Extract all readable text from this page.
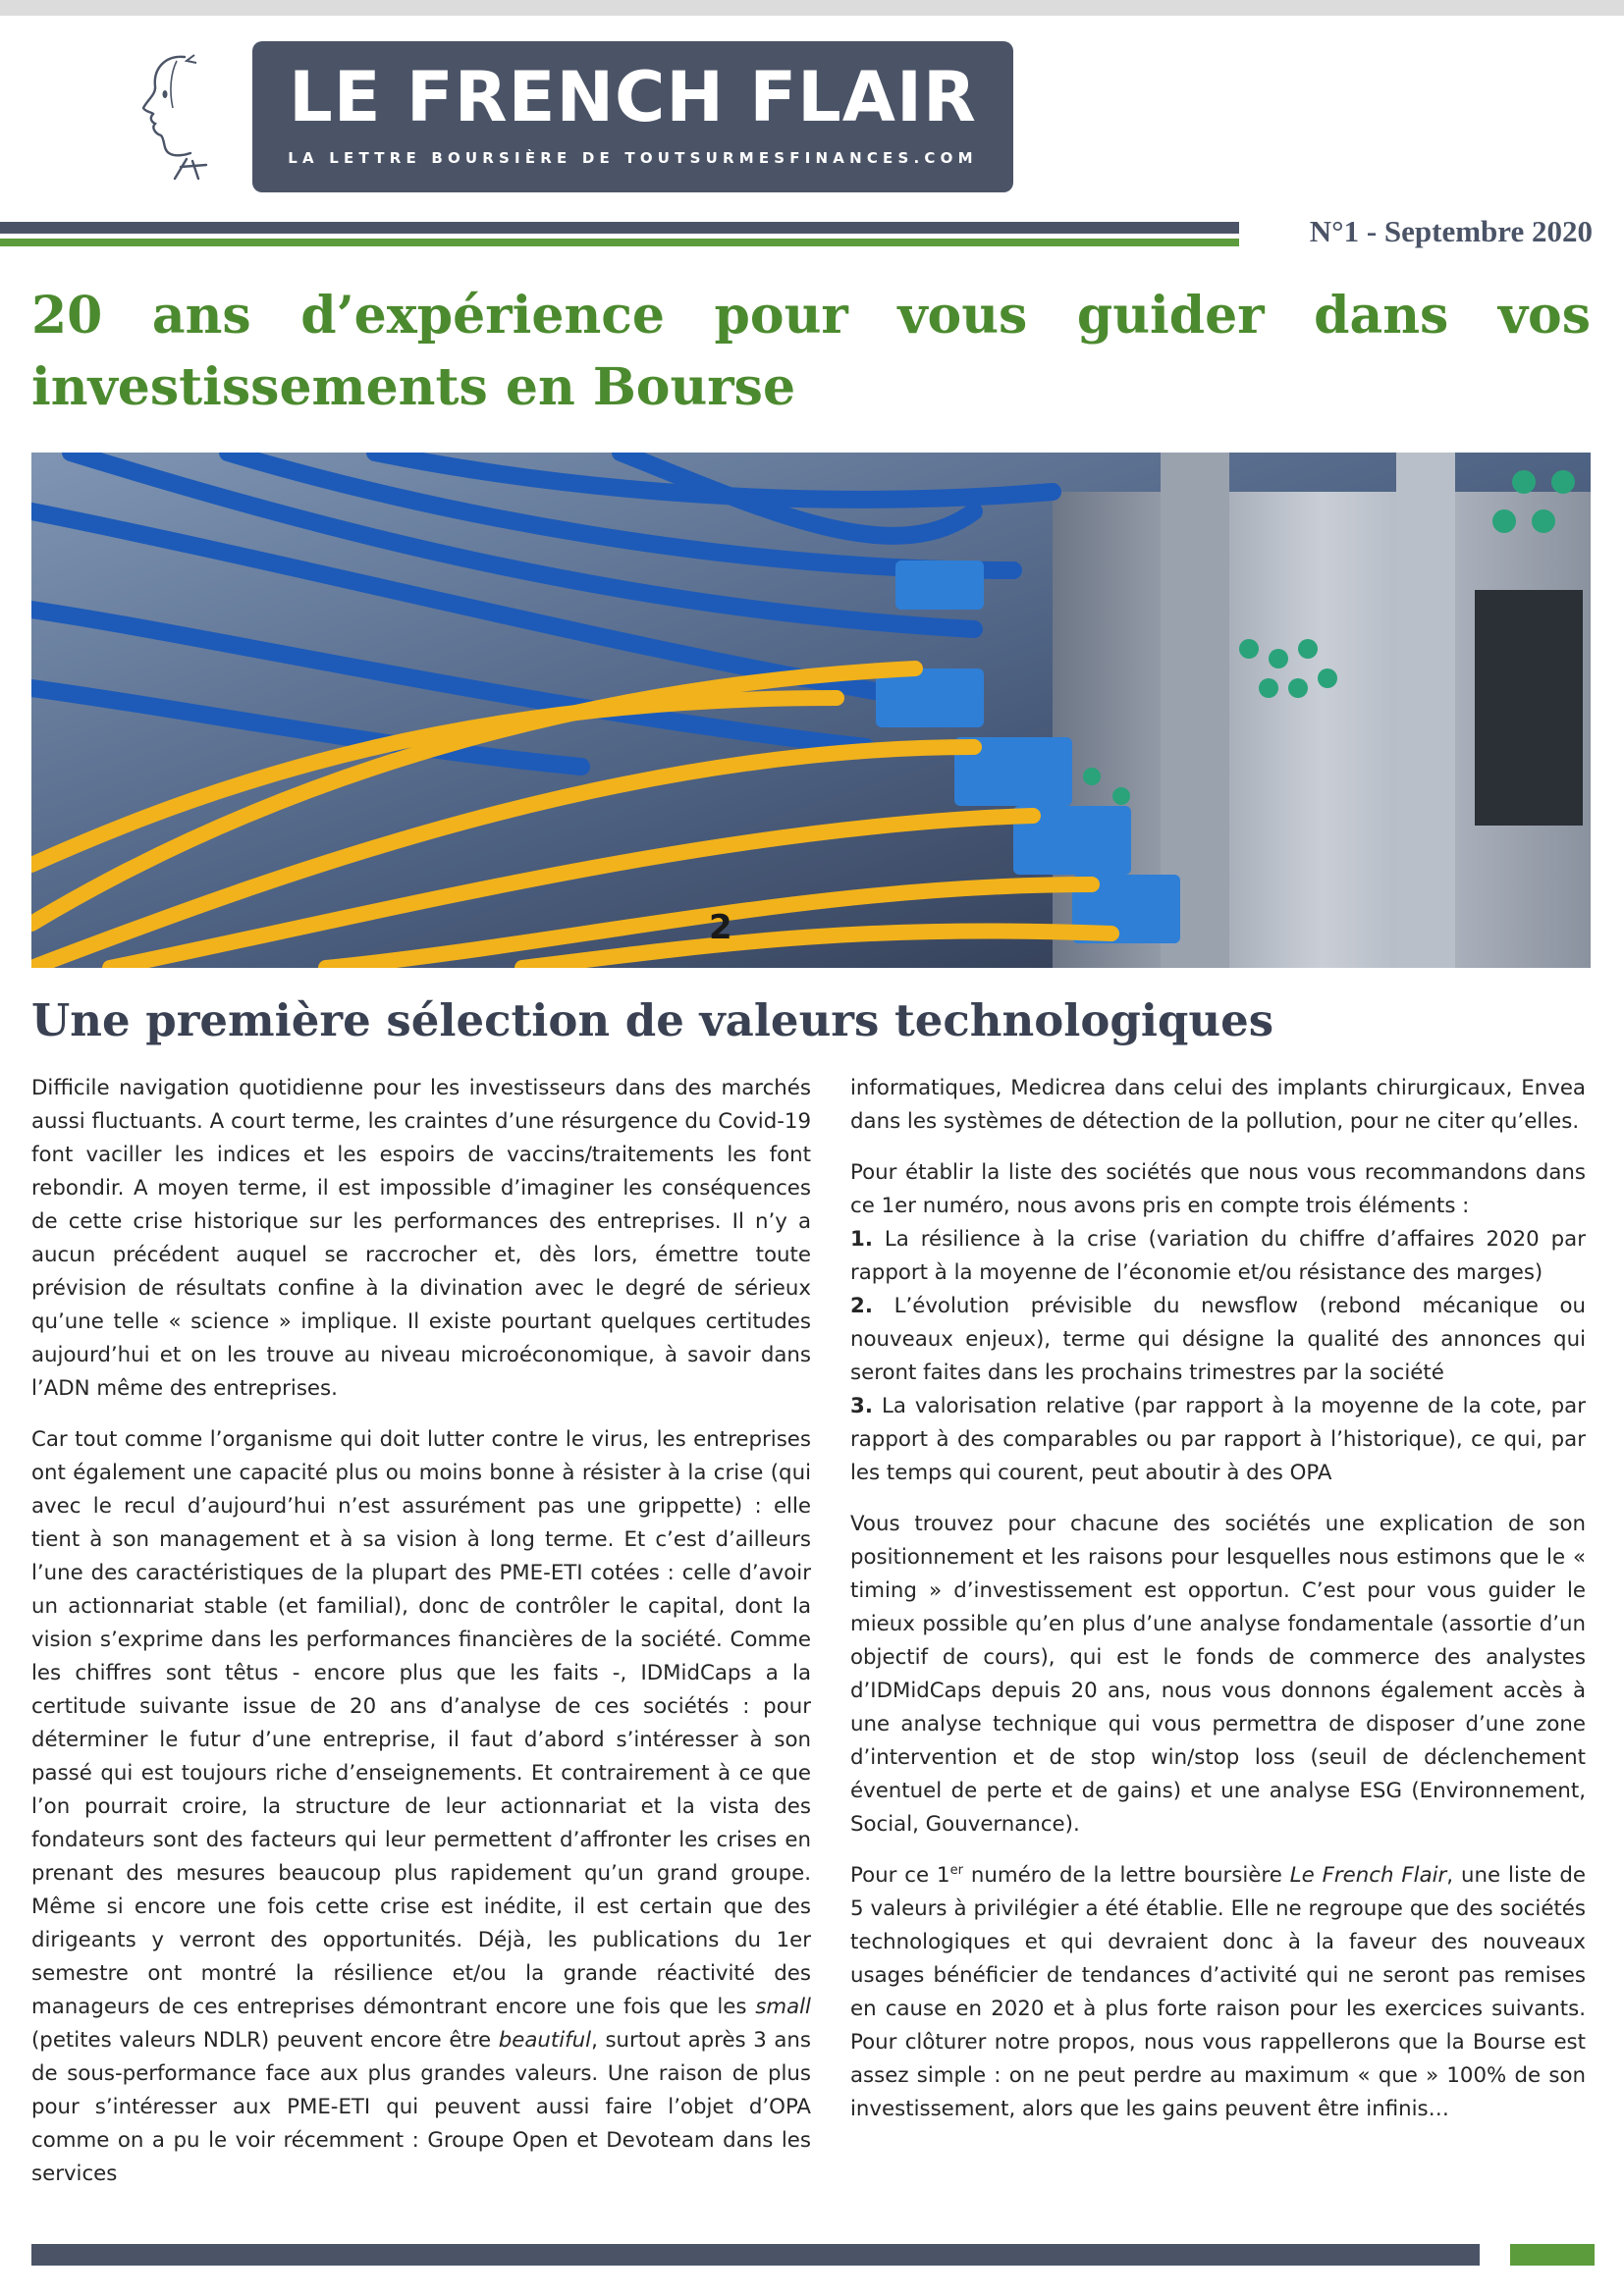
LE FRENCH FLAIR
LA LETTRE BOURSIÈRE DE TOUTSURMESFINANCES.COM
N°1 - Septembre 2020
20 ans d’expérience pour vous guider dans vos investissements en Bourse
2
Une première sélection de valeurs technologiques

Difficile navigation quotidienne pour les investisseurs dans des marchés aussi fluctuants. A court terme, les craintes d’une résurgence du Covid-19 font vaciller les indices et les espoirs de vaccins/traitements les font rebondir. A moyen terme, il est impossible d’imaginer les conséquences de cette crise historique sur les performances des entreprises. Il n’y a aucun précédent auquel se raccrocher et, dès lors, émettre toute prévision de résultats confine à la divination avec le degré de sérieux qu’une telle « science » implique. Il existe pourtant quelques certitudes aujourd’hui et on les trouve au niveau microéconomique, à savoir dans l’ADN même des entreprises.

Car tout comme l’organisme qui doit lutter contre le virus, les entreprises ont également une capacité plus ou moins bonne à résister à la crise (qui avec le recul d’aujourd’hui n’est assurément pas une grippette) : elle tient à son management et à sa vision à long terme. Et c’est d’ailleurs l’une des caractéristiques de la plupart des PME-ETI cotées : celle d’avoir un actionnariat stable (et familial), donc de contrôler le capital, dont la vision s’exprime dans les performances financières de la société. Comme les chiffres sont têtus - encore plus que les faits -, IDMidCaps a la certitude suivante issue de 20 ans d’analyse de ces sociétés : pour déterminer le futur d’une entreprise, il faut d’abord s’intéresser à son passé qui est toujours riche d’enseignements. Et contrairement à ce que l’on pourrait croire, la structure de leur actionnariat et la vista des fondateurs sont des facteurs qui leur permettent d’affronter les crises en prenant des mesures beaucoup plus rapidement qu’un grand groupe. Même si encore une fois cette crise est inédite, il est certain que des dirigeants y verront des opportunités. Déjà, les publications du 1er semestre ont montré la résilience et/ou la grande réactivité des manageurs de ces entreprises démontrant encore une fois que les small (petites valeurs NDLR) peuvent encore être beautiful, surtout après 3 ans de sous-performance face aux plus grandes valeurs. Une raison de plus pour s’intéresser aux PME-ETI qui peuvent aussi faire l’objet d’OPA comme on a pu le voir récemment : Groupe Open et Devoteam dans les services

informatiques, Medicrea dans celui des implants chirurgicaux, Envea dans les systèmes de détection de la pollution, pour ne citer qu’elles.

Pour établir la liste des sociétés que nous vous recommandons dans ce 1er numéro, nous avons pris en compte trois éléments :
1. La résilience à la crise (variation du chiffre d’affaires 2020 par rapport à la moyenne de l’économie et/ou résistance des marges)
2. L’évolution prévisible du newsflow (rebond mécanique ou nouveaux enjeux), terme qui désigne la qualité des annonces qui seront faites dans les prochains trimestres par la société
3. La valorisation relative (par rapport à la moyenne de la cote, par rapport à des comparables ou par rapport à l’historique), ce qui, par les temps qui courent, peut aboutir à des OPA

Vous trouvez pour chacune des sociétés une explication de son positionnement et les raisons pour lesquelles nous estimons que le « timing » d’investissement est opportun. C’est pour vous guider le mieux possible qu’en plus d’une analyse fondamentale (assortie d’un objectif de cours), qui est le fonds de commerce des analystes d’IDMidCaps depuis 20 ans, nous vous donnons également accès à une analyse technique qui vous permettra de disposer d’une zone d’intervention et de stop win/stop loss (seuil de déclenchement éventuel de perte et de gains) et une analyse ESG (Environnement, Social, Gouvernance).

Pour ce 1er numéro de la lettre boursière Le French Flair, une liste de 5 valeurs à privilégier a été établie. Elle ne regroupe que des sociétés technologiques et qui devraient donc à la faveur des nouveaux usages bénéficier de tendances d’activité qui ne seront pas remises en cause en 2020 et à plus forte raison pour les exercices suivants. Pour clôturer notre propos, nous vous rappellerons que la Bourse est assez simple : on ne peut perdre au maximum « que » 100% de son investissement, alors que les gains peuvent être infinis…
